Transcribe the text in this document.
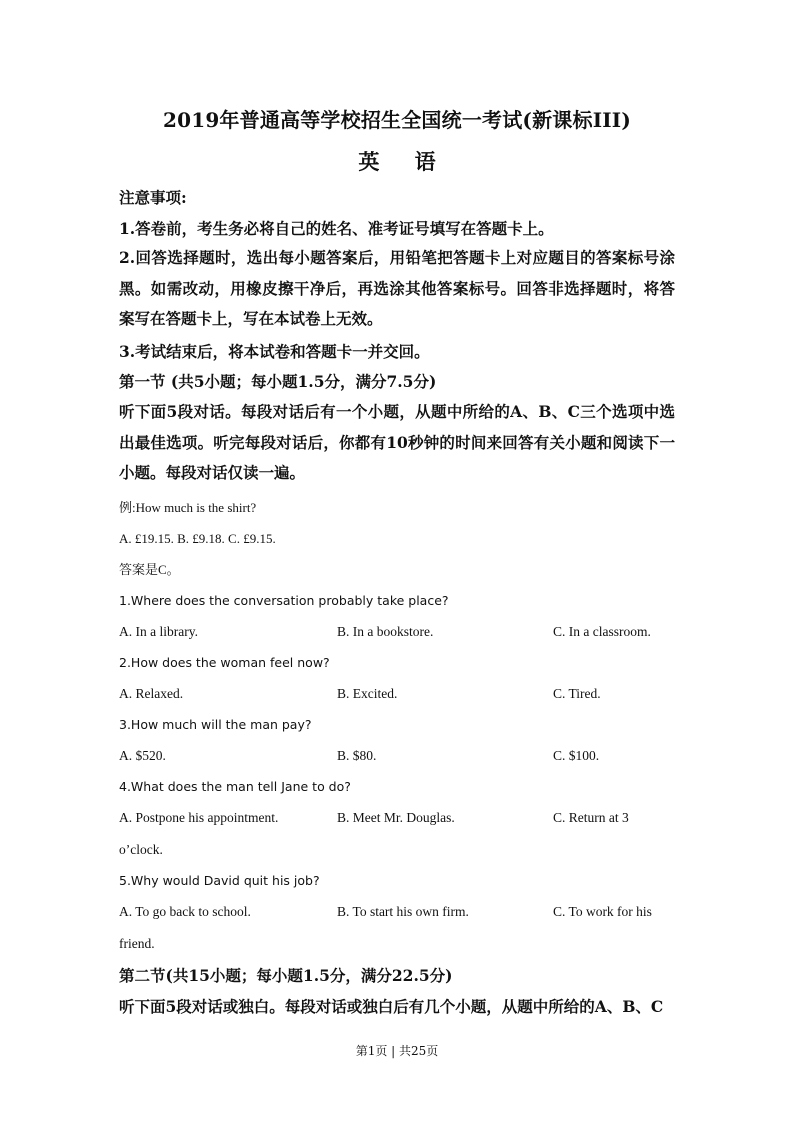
2019年普通高等学校招生全国统一考试(新课标III)
英 语
注意事项:
1.答卷前，考生务必将自己的姓名、准考证号填写在答题卡上。
2.回答选择题时，选出每小题答案后，用铅笔把答题卡上对应题目的答案标号涂黑。如需改动，用橡皮擦干净后，再选涂其他答案标号。回答非选择题时，将答案写在答题卡上，写在本试卷上无效。
3.考试结束后，将本试卷和答题卡一并交回。
第一节 (共5小题；每小题1.5分，满分7.5分)
听下面5段对话。每段对话后有一个小题，从题中所给的A、B、C三个选项中选出最佳选项。听完每段对话后，你都有10秒钟的时间来回答有关小题和阅读下一小题。每段对话仅读一遍。
例:How much is the shirt?
A. £19.15. B. £9.18. C. £9.15.
答案是C。
1.Where does the conversation probably take place?
A. In a library.	B. In a bookstore.	C. In a classroom.
2.How does the woman feel now?
A. Relaxed.	B. Excited.	C. Tired.
3.How much will the man pay?
A. $520.	B. $80.	C. $100.
4.What does the man tell Jane to do?
A. Postpone his appointment.	B. Meet Mr. Douglas.	C. Return at 3
o’clock.
5.Why would David quit his job?
A. To go back to school.	B. To start his own firm.	C. To work for his
friend.
第二节(共15小题；每小题1.5分，满分22.5分)
听下面5段对话或独白。每段对话或独白后有几个小题，从题中所给的A、B、C
第1页 | 共25页
